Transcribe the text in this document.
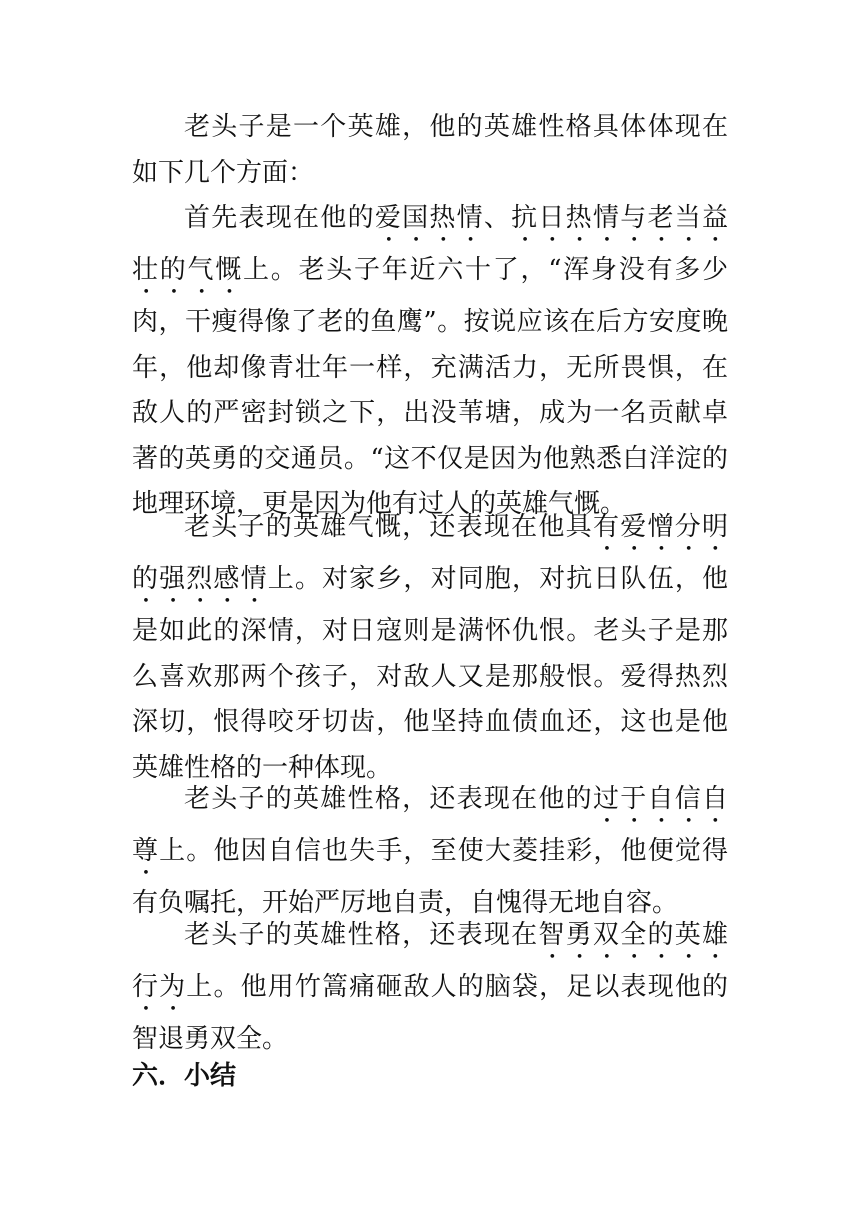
老头子是一个英雄，他的英雄性格具体体现在如下几个方面：

首先表现在他的爱国热情、抗日热情与老当益壮的气慨上。老头子年近六十了，“浑身没有多少肉，干瘦得像了老的鱼鹰”。按说应该在后方安度晚年，他却像青壮年一样，充满活力，无所畏惧，在敌人的严密封锁之下，出没苇塘，成为一名贡献卓著的英勇的交通员。“这不仅是因为他熟悉白洋淀的地理环境，更是因为他有过人的英雄气慨。

老头子的英雄气慨，还表现在他具有爱憎分明的强烈感情上。对家乡，对同胞，对抗日队伍，他是如此的深情，对日寇则是满怀仇恨。老头子是那么喜欢那两个孩子，对敌人又是那般恨。爱得热烈深切，恨得咬牙切齿，他坚持血债血还，这也是他英雄性格的一种体现。

老头子的英雄性格，还表现在他的过于自信自尊上。他因自信也失手，至使大菱挂彩，他便觉得有负嘱托，开始严厉地自责，自愧得无地自容。

老头子的英雄性格，还表现在智勇双全的英雄行为上。他用竹篙痛砸敌人的脑袋，足以表现他的智退勇双全。

六．小结
